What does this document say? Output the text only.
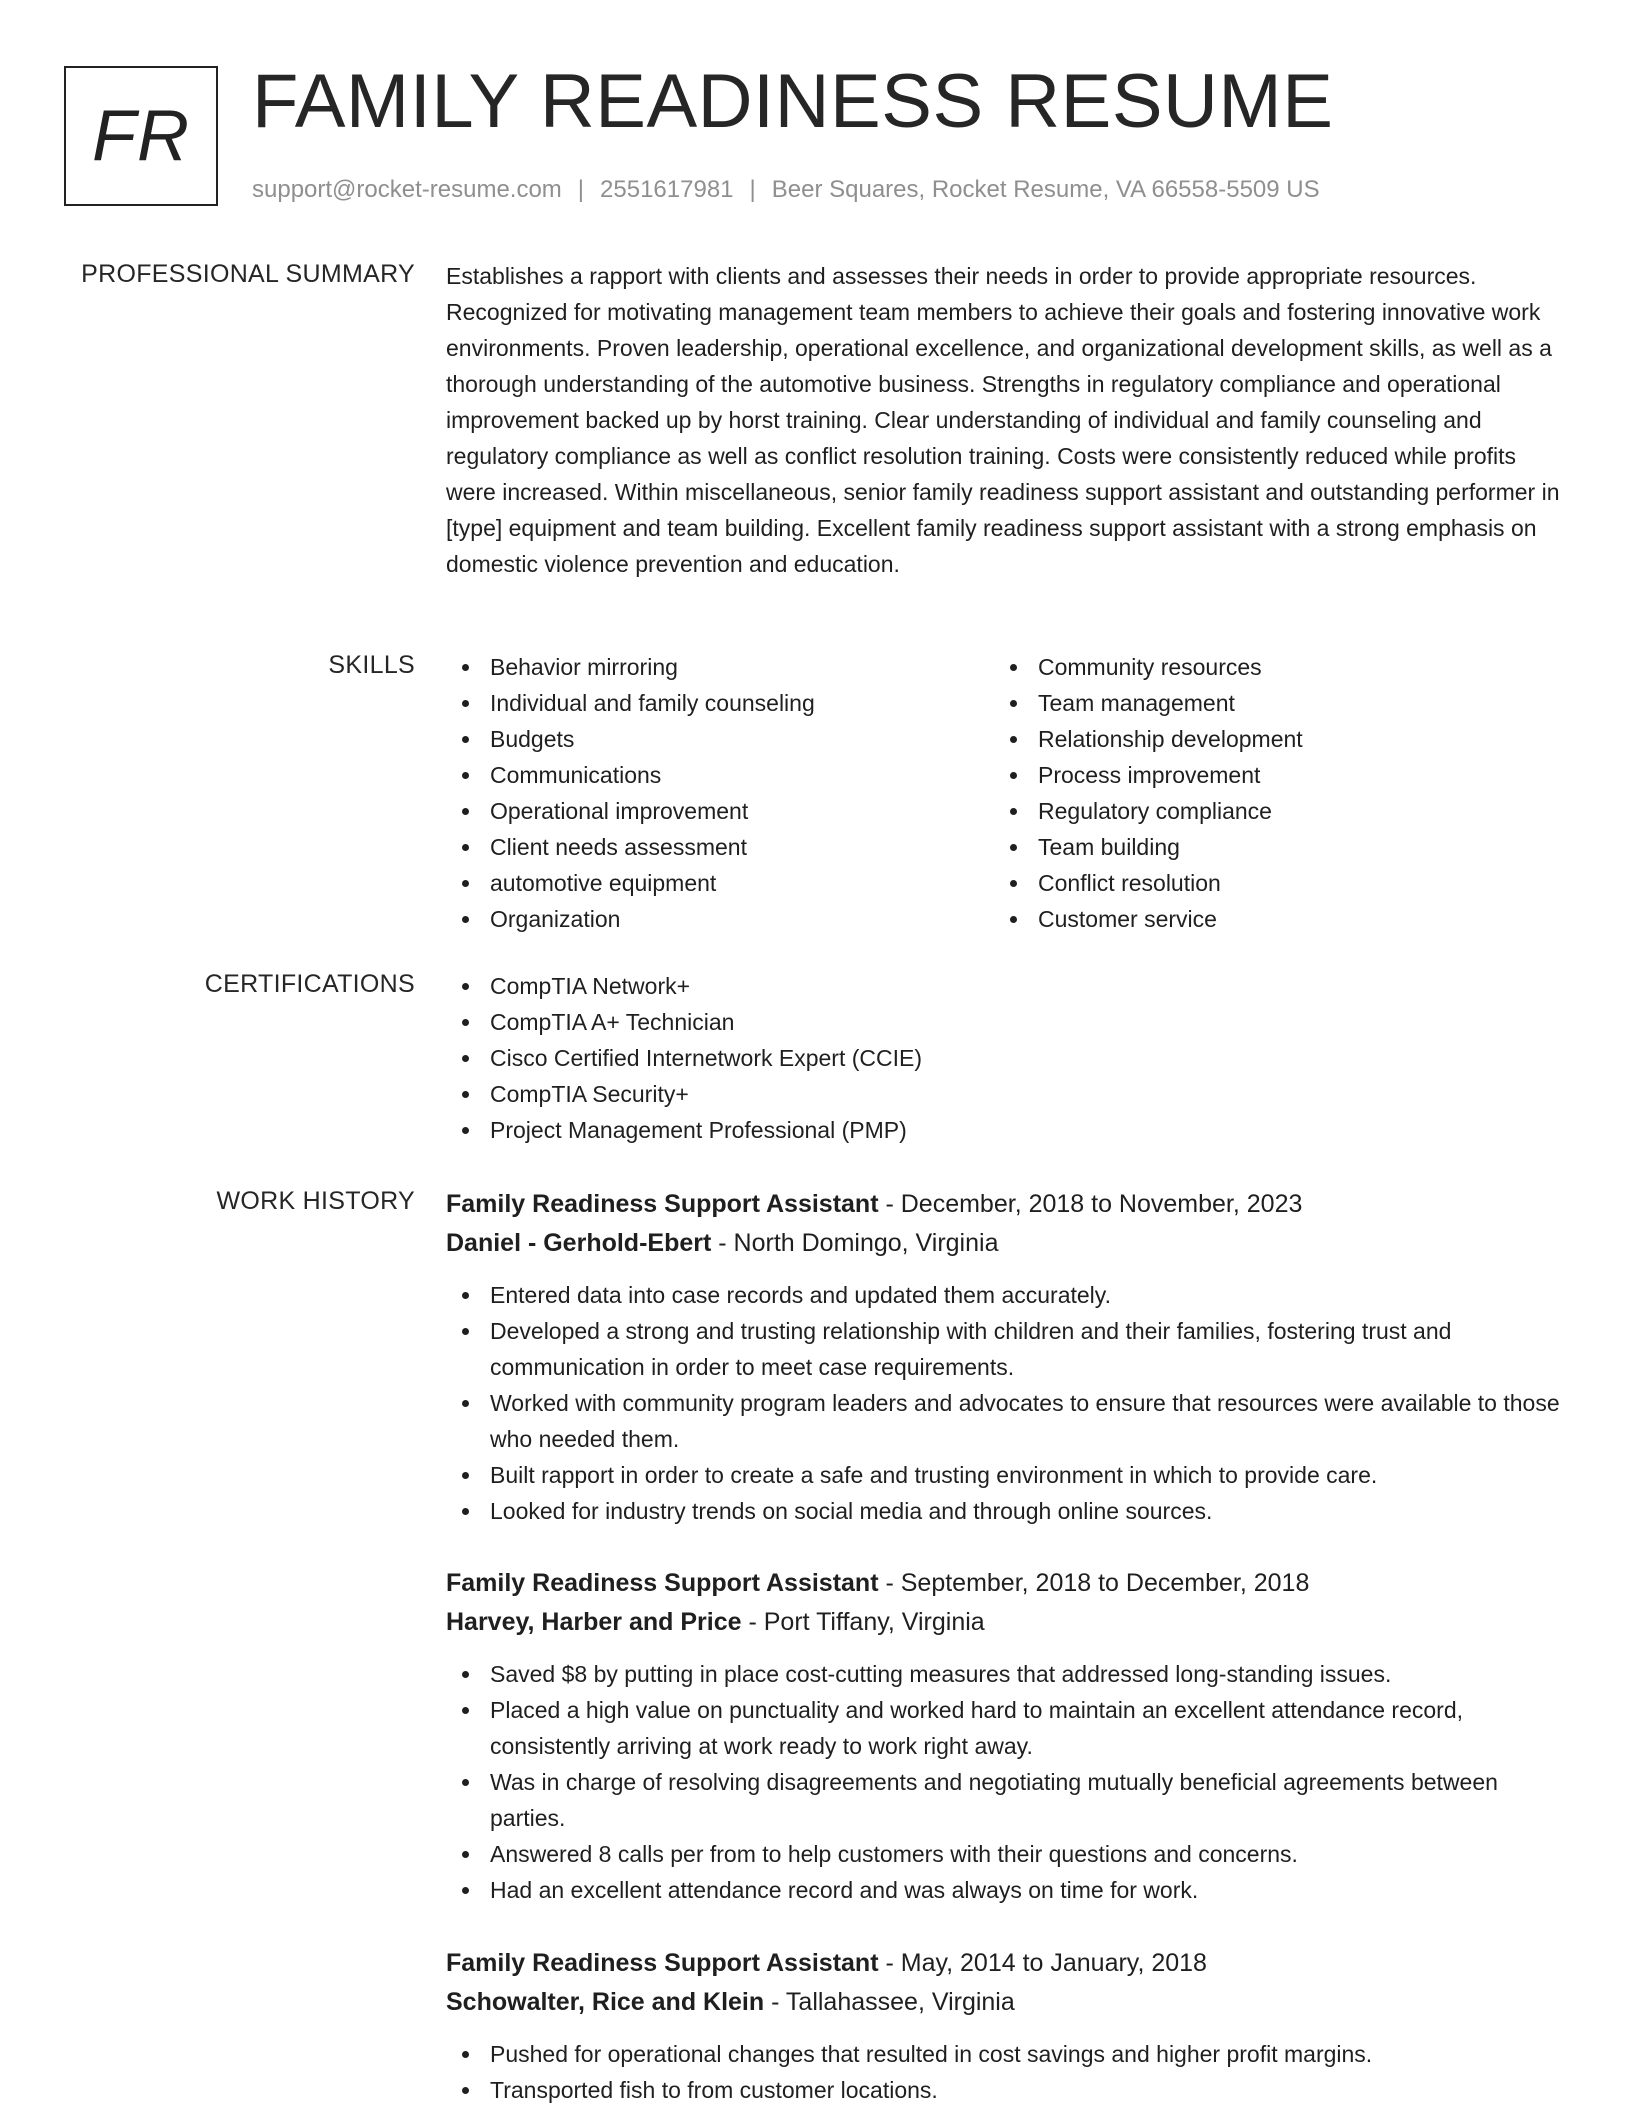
FR FAMILY READINESS RESUME
support@rocket-resume.com | 2551617981 | Beer Squares, Rocket Resume, VA 66558-5509 US
PROFESSIONAL SUMMARY Establishes a rapport with clients and assesses their needs in order to provide appropriate resources. Recognized for motivating management team members to achieve their goals and fostering innovative work environments. Proven leadership, operational excellence, and organizational development skills, as well as a thorough understanding of the automotive business. Strengths in regulatory compliance and operational improvement backed up by horst training. Clear understanding of individual and family counseling and regulatory compliance as well as conflict resolution training. Costs were consistently reduced while profits were increased. Within miscellaneous, senior family readiness support assistant and outstanding performer in [type] equipment and team building. Excellent family readiness support assistant with a strong emphasis on domestic violence prevention and education.
SKILLS	Behavior mirroring
Individual and family counseling
Budgets
Communications
Operational improvement
Client needs assessment
automotive equipment
Organization
Community resources
Team management
Relationship development
Process improvement
Regulatory compliance
Team building
Conflict resolution
Customer service
CERTIFICATIONS	CompTIA Network+
CompTIA A+ Technician
Cisco Certified Internetwork Expert (CCIE)
CompTIA Security+
Project Management Professional (PMP)
WORK HISTORY Family Readiness Support Assistant - December, 2018 to November, 2023
Daniel - Gerhold-Ebert - North Domingo, Virginia
Entered data into case records and updated them accurately.
Developed a strong and trusting relationship with children and their families, fostering trust and communication in order to meet case requirements.
Worked with community program leaders and advocates to ensure that resources were available to those who needed them.
Built rapport in order to create a safe and trusting environment in which to provide care.
Looked for industry trends on social media and through online sources.
Family Readiness Support Assistant - September, 2018 to December, 2018
Harvey, Harber and Price - Port Tiffany, Virginia
Saved $8 by putting in place cost-cutting measures that addressed long-standing issues.
Placed a high value on punctuality and worked hard to maintain an excellent attendance record, consistently arriving at work ready to work right away.
Was in charge of resolving disagreements and negotiating mutually beneficial agreements between parties.
Answered 8 calls per from to help customers with their questions and concerns.
Had an excellent attendance record and was always on time for work.
Family Readiness Support Assistant - May, 2014 to January, 2018
Schowalter, Rice and Klein - Tallahassee, Virginia
Pushed for operational changes that resulted in cost savings and higher profit margins.
Transported fish to from customer locations.
